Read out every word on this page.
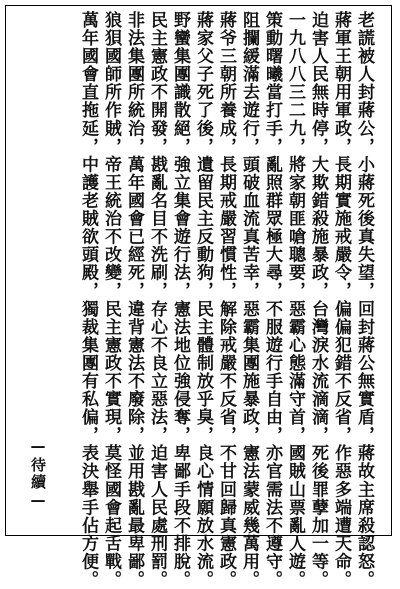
老謊被人封蔣公，小蔣死後真失望，回封蔣公無實盾，蔣故主席殺認怒。
蔣軍王朝用軍政，長期實施戒嚴令，偏偏犯錯不反省，作惡多端遭天命。
迫害人民無時停，大欺錯殺施暴政，台灣淚水流滴滴，死後罪孽加一等。
一九八八三二九，將家朝匪嗆聰要，惡霸心態滿守首，國賊山票亂人遊。
策動曙曦當打手，亂照群眾極大尋，不服遊行手自由，亦官需法不遵守。
阻攔緩滿去遊行，頭破血流真苦幸，惡霸集團施暴政，憲法蒙威幾萬用。
蔣爷三朝所養成，長期戒嚴習慣性，解除戒嚴不反省，不甘回歸真憲政。
蔣家父子死了後，遺留民主反動狗，民主體制放乎臭，良心情願放水流。
野蠻集團識散絕，強立集會遊行法，憲法地位強侵奪，卑鄙手段不排脫。
民主憲政不開發，戡亂名目不洗刷，存心不良立惡法，迫害人民處刑罰。
非法集團所統治，萬年國會已經死，違背憲法不廢除，並用戡亂最卑鄙。
狼狽國師所作賊，帝王統治不改變，民主憲政不實現，莫怪國會起舌戰。
萬年國會直拖延，中護老賊欲頭殿，獨裁集團有私偏，表決舉手佔方便。
—待續—
